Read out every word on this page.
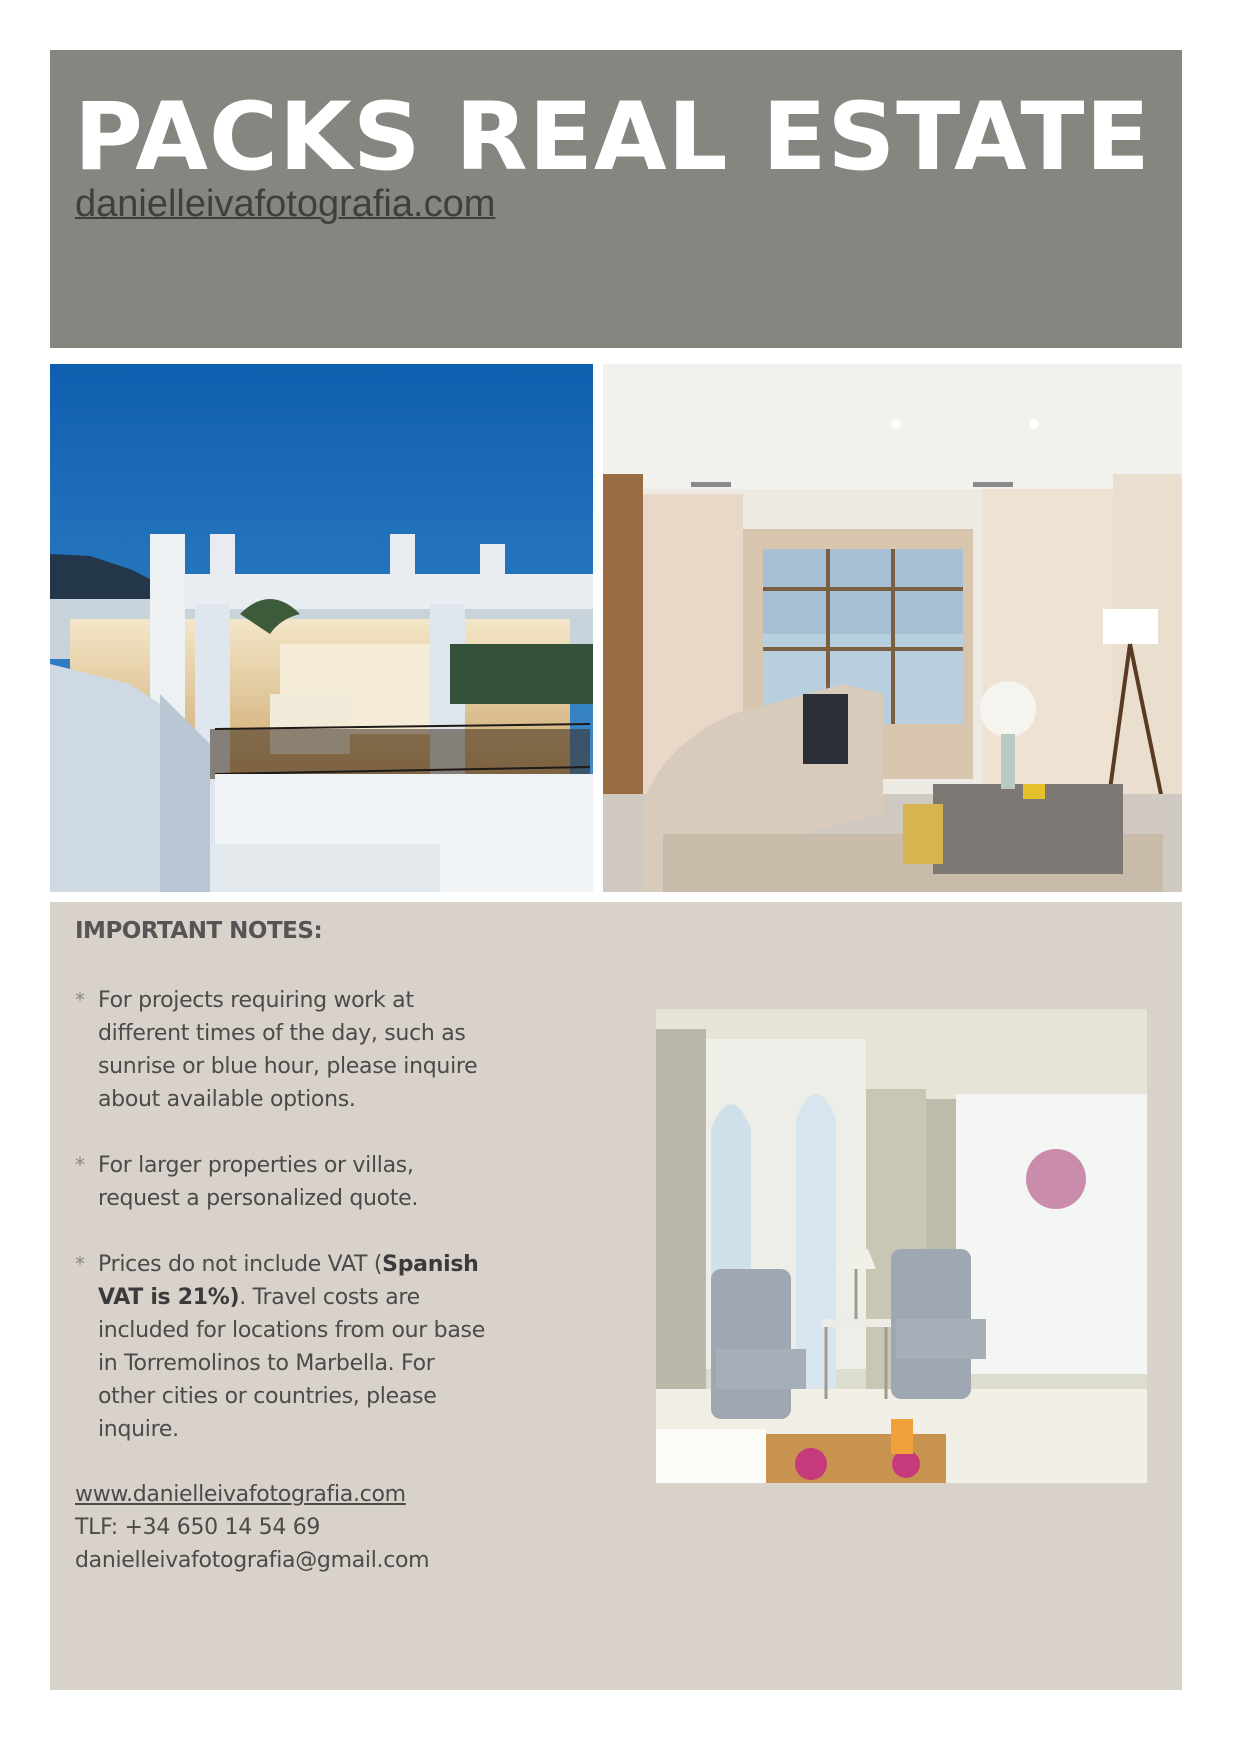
PACKS REAL ESTATE
danielleivafotografia.com
IMPORTANT NOTES:
* For projects requiring work at different times of the day, such as sunrise or blue hour, please inquire about available options.
* For larger properties or villas, request a personalized quote.
* Prices do not include VAT (Spanish VAT is 21%). Travel costs are included for locations from our base in Torremolinos to Marbella. For other cities or countries, please inquire.
www.danielleivafotografia.com
TLF: +34 650 14 54 69
danielleivafotografia@gmail.com
